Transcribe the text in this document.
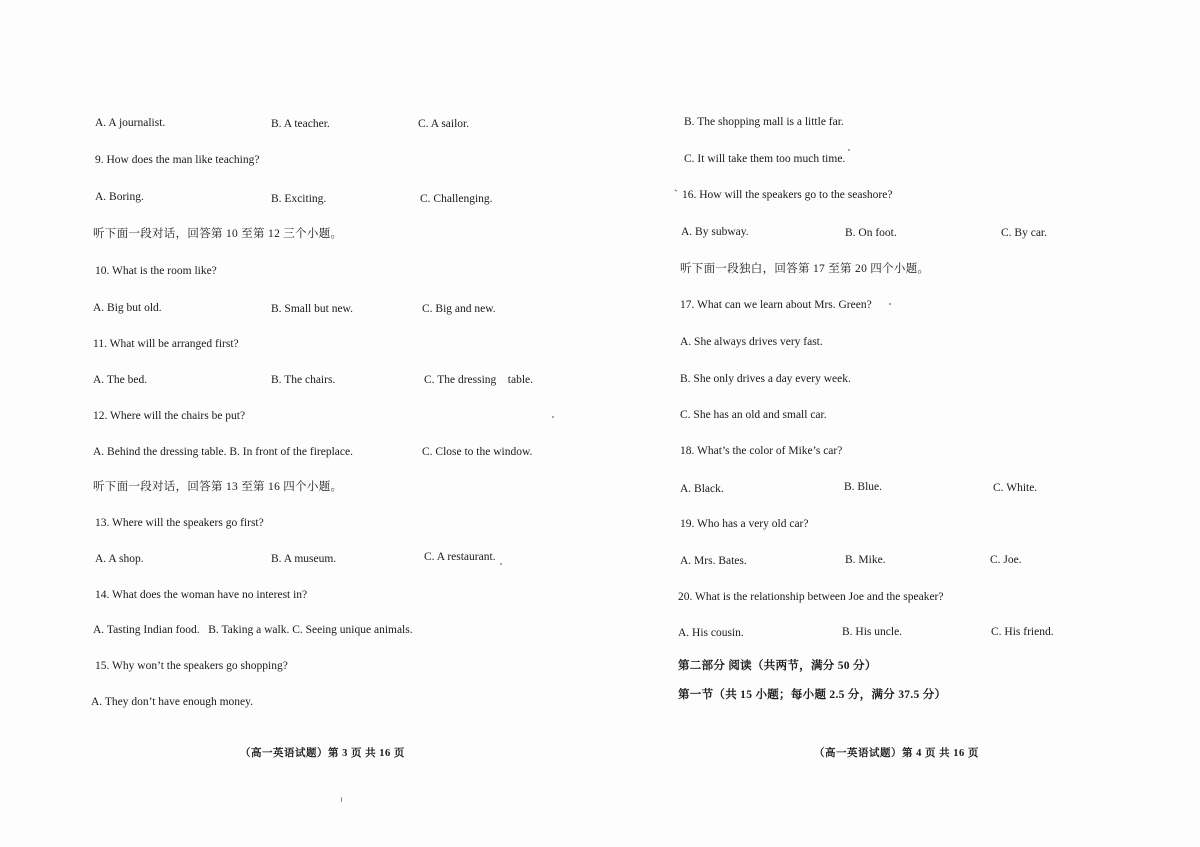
A. A journalist.	B. A teacher.	C. A sailor.
9. How does the man like teaching?
A. Boring.	B. Exciting.	C. Challenging.
听下面一段对话，回答第 10 至第 12 三个小题。
10. What is the room like?
A. Big but old.	B. Small but new.	C. Big and new.
11. What will be arranged first?
A. The bed.	B. The chairs.	C. The dressing    table.
12. Where will the chairs be put?
A. Behind the dressing table. B. In front of the fireplace.	C. Close to the window.
听下面一段对话，回答第 13 至第 16 四个小题。
13. Where will the speakers go first?
A. A shop.	B. A museum.	C. A restaurant.
14. What does the woman have no interest in?
A. Tasting Indian food.   B. Taking a walk. C. Seeing unique animals.
15. Why won’t the speakers go shopping?
A. They don’t have enough money.
（高一英语试题）第 3 页 共 16 页
B. The shopping mall is a little far.
C. It will take them too much time.
` 16. How will the speakers go to the seashore?
A. By subway.	B. On foot.	C. By car.
听下面一段独白，回答第 17 至第 20 四个小题。
17. What can we learn about Mrs. Green?
A. She always drives very fast.
B. She only drives a day every week.
C. She has an old and small car.
18. What’s the color of Mike’s car?
A. Black.	B. Blue.	C. White.
19. Who has a very old car?
A. Mrs. Bates.	B. Mike.	C. Joe.
20. What is the relationship between Joe and the speaker?
A. His cousin.	B. His uncle.	C. His friend.
第二部分 阅读（共两节，满分 50 分）
第一节（共 15 小题；每小题 2.5 分，满分 37.5 分）
（高一英语试题）第 4 页 共 16 页
